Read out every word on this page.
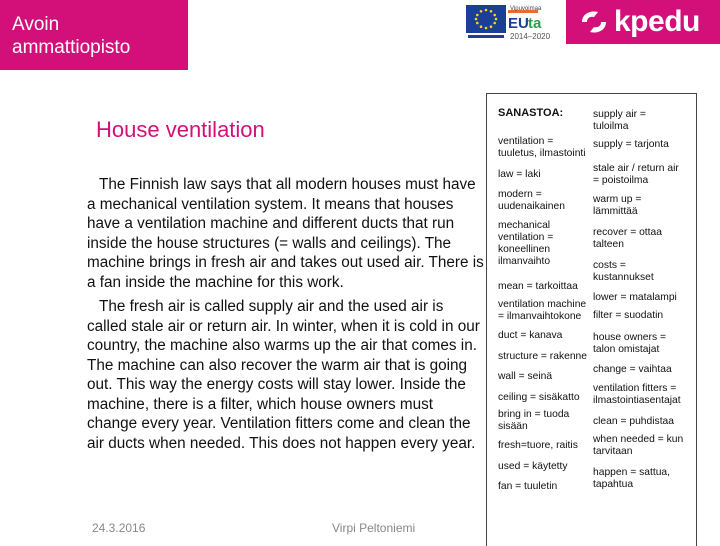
Avoin
ammattiopisto
Vipuvoimaa
EU ta
2014–2020 kpedu
House ventilation

The Finnish law says that all modern houses must have a mechanical ventilation system. It means that houses have a ventilation machine and different ducts that run inside the house structures (= walls and ceilings). The machine brings in fresh air and takes out used air. There is a fan inside the machine for this work.

The fresh air is called supply air and the used air is called stale air or return air. In winter, when it is cold in our country, the machine also warms up the air that comes in. The machine can also recover the warm air that is going out. This way the energy costs will stay lower. Inside the machine, there is a filter, which house owners must change every year. Ventilation fitters come and clean the air ducts when needed. This does not happen every year.

24.3.2016	Virpi Peltoniemi
SANASTOA:
ventilation =
tuuletus, ilmastointi
law = laki
modern =
uudenaikainen
mechanical
ventilation =
koneellinen
ilmanvaihto
mean = tarkoittaa
ventilation machine
= ilmanvaihtokone
duct = kanava
structure = rakenne
wall = seinä
ceiling = sisäkatto
bring in = tuoda
sisään
fresh=tuore, raitis
used = käytetty
fan = tuuletin
supply air =
tuloilma
supply = tarjonta
stale air / return air
= poistoilma
warm up =
lämmittää
recover = ottaa
talteen
costs =
kustannukset
lower = matalampi
filter = suodatin
house owners =
talon omistajat
change = vaihtaa
ventilation fitters =
ilmastointiasentajat
clean = puhdistaa
when needed = kun
tarvitaan
happen = sattua,
tapahtua
